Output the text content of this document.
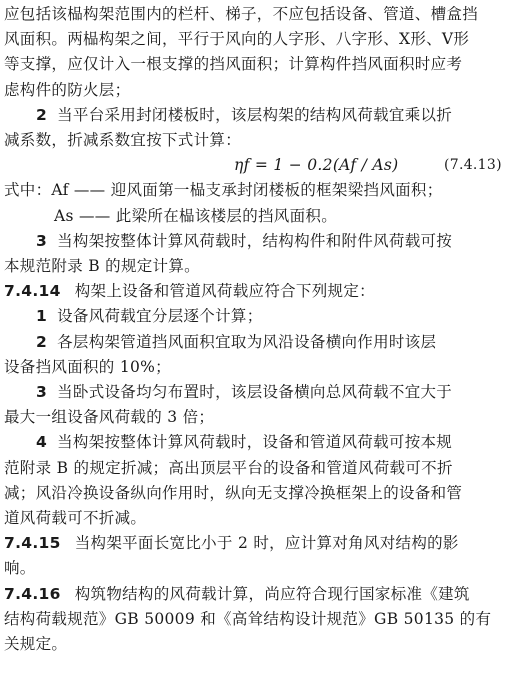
应包括该榀构架范围内的栏杆、梯子，不应包括设备、管道、槽盒挡
风面积。两榀构架之间，平行于风向的人字形、八字形、X形、V形
等支撑，应仅计入一根支撑的挡风面积；计算构件挡风面积时应考
虑构件的防火层；
2 当平台采用封闭楼板时，该层构架的结构风荷载宜乘以折
减系数，折减系数宜按下式计算：
ηf = 1 − 0.2(Af / As)	(7.4.13)
式中：Af —— 迎风面第一榀支承封闭楼板的框架梁挡风面积；
As —— 此梁所在榀该楼层的挡风面积。
3 当构架按整体计算风荷载时，结构构件和附件风荷载可按
本规范附录 B 的规定计算。
7.4.14 构架上设备和管道风荷载应符合下列规定：
1 设备风荷载宜分层逐个计算；
2 各层构架管道挡风面积宜取为风沿设备横向作用时该层
设备挡风面积的 10%；
3 当卧式设备均匀布置时，该层设备横向总风荷载不宜大于
最大一组设备风荷载的 3 倍；
4 当构架按整体计算风荷载时，设备和管道风荷载可按本规
范附录 B 的规定折减；高出顶层平台的设备和管道风荷载可不折
减；风沿冷换设备纵向作用时，纵向无支撑冷换框架上的设备和管
道风荷载可不折减。
7.4.15 当构架平面长宽比小于 2 时，应计算对角风对结构的影
响。
7.4.16 构筑物结构的风荷载计算，尚应符合现行国家标准《建筑
结构荷载规范》GB 50009 和《高耸结构设计规范》GB 50135 的有
关规定。
